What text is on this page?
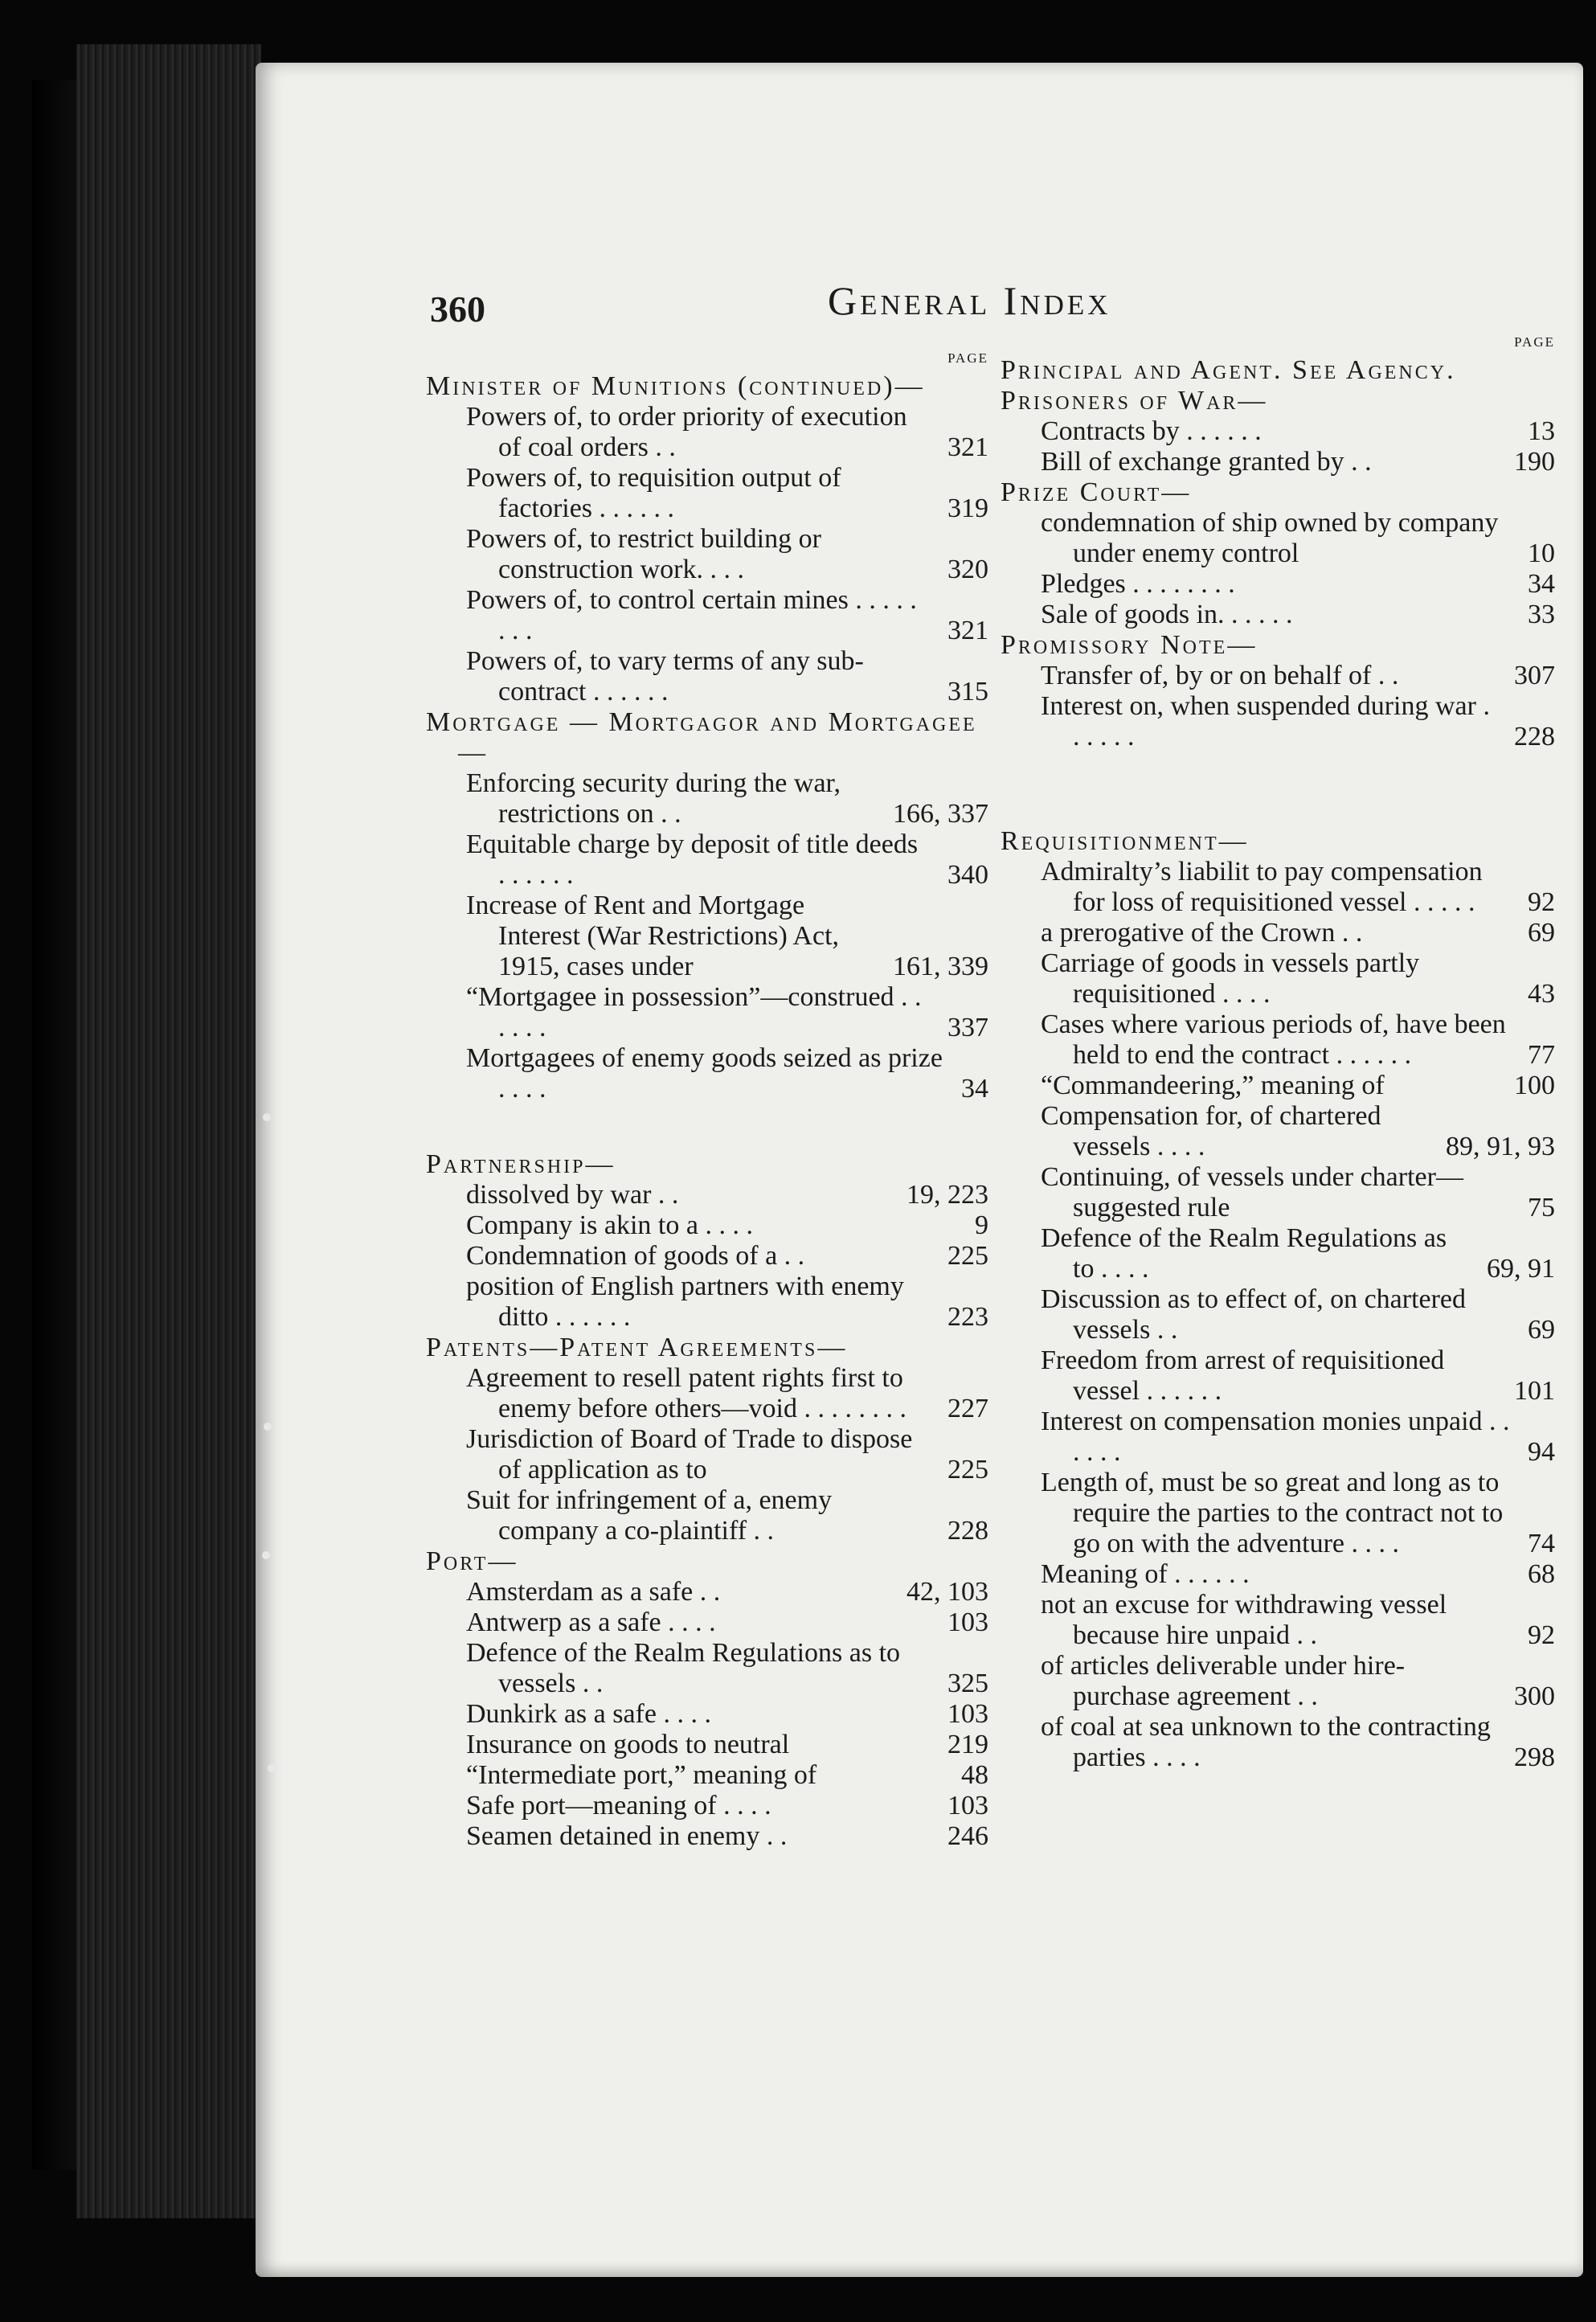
360	General Index
PAGE
Minister of Munitions (continued)—
Powers of, to order priority of execution of coal orders . .	321
Powers of, to requisition output of factories . . . . . .	319
Powers of, to restrict building or construction work. . . .	320
Powers of, to control certain mines . . . . . . . .	321
Powers of, to vary terms of any sub-contract . . . . . .	315
Mortgage — Mortgagor and Mortgagee—
Enforcing security during the war, restrictions on . .	166, 337
Equitable charge by deposit of title deeds . . . . . .	340
Increase of Rent and Mortgage Interest (War Restrictions) Act, 1915, cases under	161, 339
“Mortgagee in possession”—construed . . . . . .	337
Mortgagees of enemy goods seized as prize . . . .	34
Partnership—
dissolved by war . .	19, 223
Company is akin to a . . . .	9
Condemnation of goods of a . .	225
position of English partners with enemy ditto . . . . . .	223
Patents—Patent Agreements—
Agreement to resell patent rights first to enemy before others—void . . . . . . . .	227
Jurisdiction of Board of Trade to dispose of application as to	225
Suit for infringement of a, enemy company a co-plaintiff . .	228
Port—
Amsterdam as a safe . .	42, 103
Antwerp as a safe . . . .	103
Defence of the Realm Regulations as to vessels . .	325
Dunkirk as a safe . . . .	103
Insurance on goods to neutral	219
“Intermediate port,” meaning of	48
Safe port—meaning of . . . .	103
Seamen detained in enemy . .	246
PAGE
Principal and Agent. See Agency.
Prisoners of War—
Contracts by . . . . . .	13
Bill of exchange granted by . .	190
Prize Court—
condemnation of ship owned by company under enemy control	10
Pledges . . . . . . . .	34
Sale of goods in. . . . . .	33
Promissory Note—
Transfer of, by or on behalf of . .	307
Interest on, when suspended during war . . . . . .	228
Requisitionment—
Admiralty’s liabilit to pay compensation for loss of requisitioned vessel . . . . .	92
a prerogative of the Crown . .	69
Carriage of goods in vessels partly requisitioned . . . .	43
Cases where various periods of, have been held to end the contract . . . . . .	77
“Commandeering,” meaning of	100
Compensation for, of chartered vessels . . . .	89, 91, 93
Continuing, of vessels under charter—suggested rule	75
Defence of the Realm Regulations as to . . . .	69, 91
Discussion as to effect of, on chartered vessels . .	69
Freedom from arrest of requisitioned vessel . . . . . .	101
Interest on compensation monies unpaid . . . . . .	94
Length of, must be so great and long as to require the parties to the contract not to go on with the adventure . . . .	74
Meaning of . . . . . .	68
not an excuse for withdrawing vessel because hire unpaid . .	92
of articles deliverable under hire-purchase agreement . .	300
of coal at sea unknown to the contracting parties . . . .	298
